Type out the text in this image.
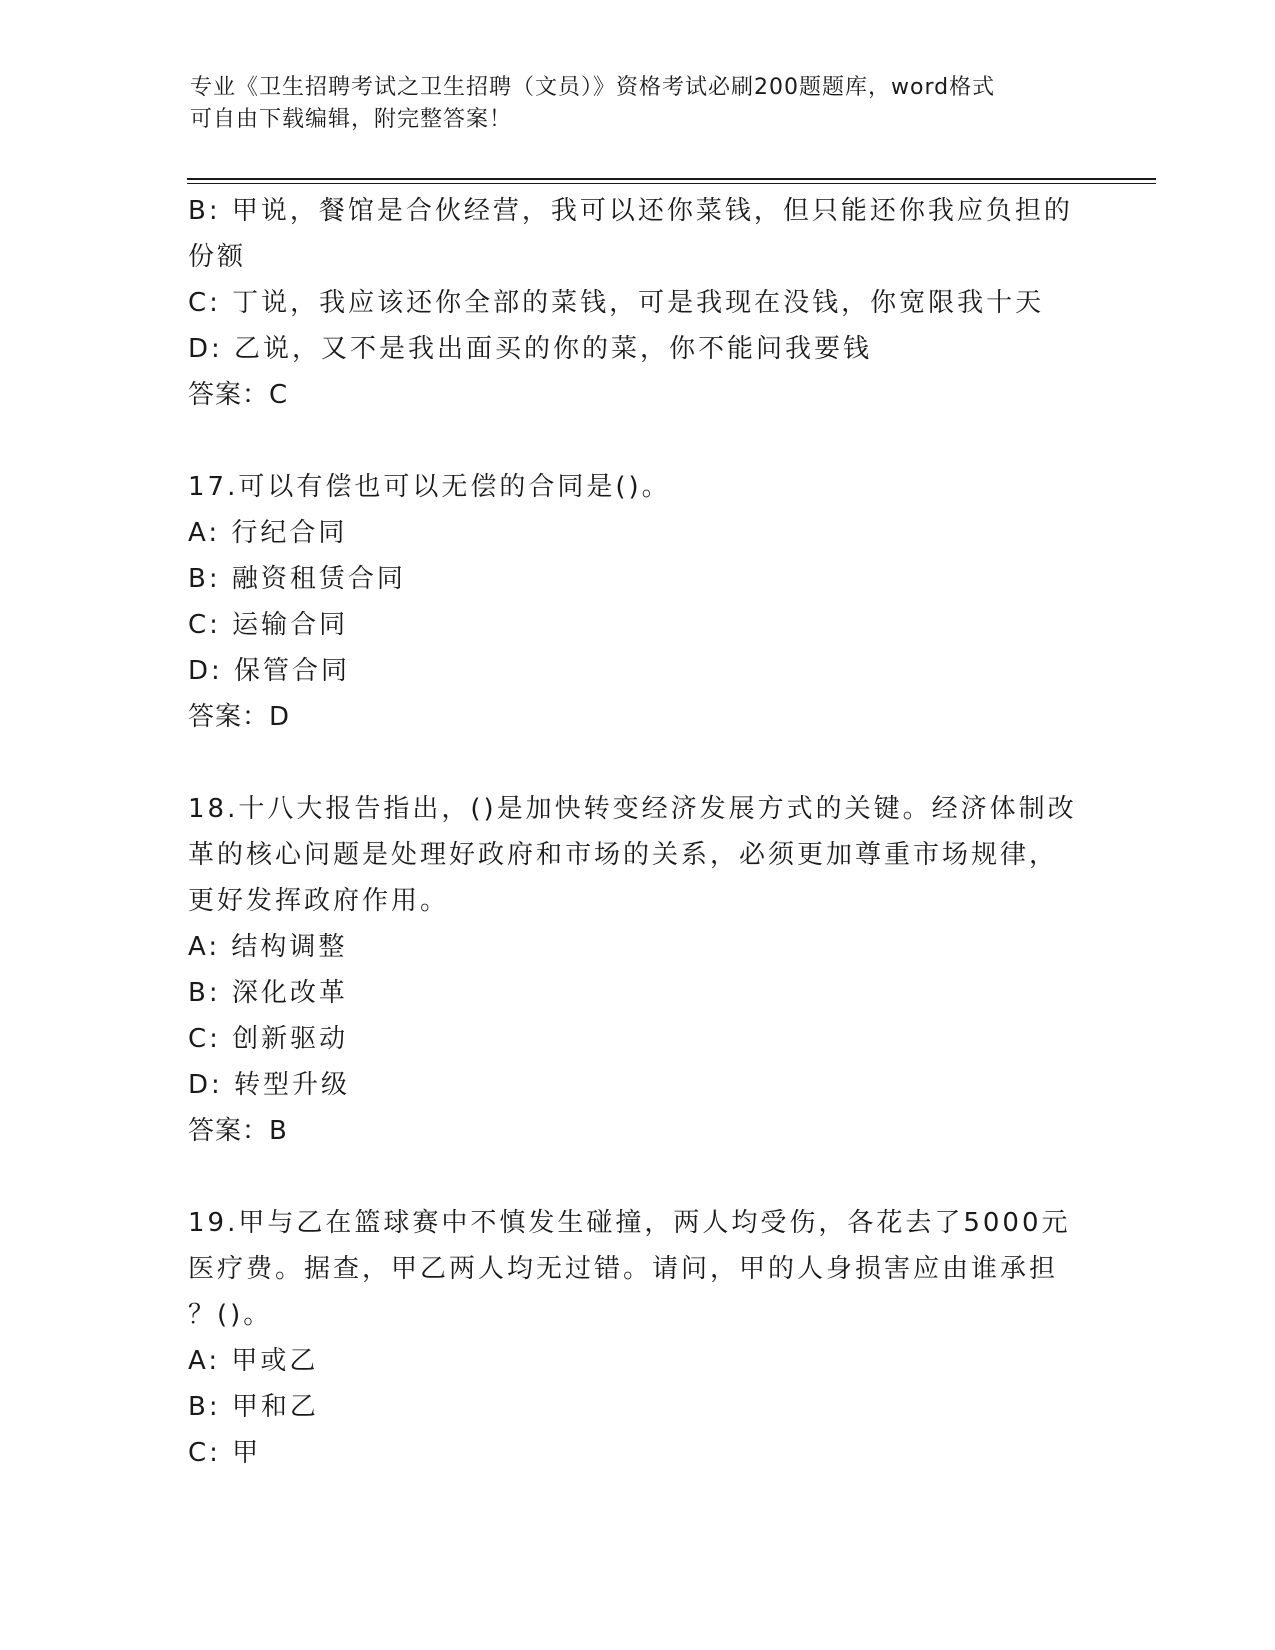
专业《卫生招聘考试之卫生招聘（文员）》资格考试必刷200题题库，word格式
可自由下载编辑，附完整答案！
B: 甲说，餐馆是合伙经营，我可以还你菜钱，但只能还你我应负担的
份额
C: 丁说，我应该还你全部的菜钱，可是我现在没钱，你宽限我十天
D: 乙说，又不是我出面买的你的菜，你不能问我要钱
答案：C
17.可以有偿也可以无偿的合同是()。
A: 行纪合同
B: 融资租赁合同
C: 运输合同
D: 保管合同
答案：D
18.十八大报告指出，()是加快转变经济发展方式的关键。经济体制改
革的核心问题是处理好政府和市场的关系，必须更加尊重市场规律，
更好发挥政府作用。
A: 结构调整
B: 深化改革
C: 创新驱动
D: 转型升级
答案：B
19.甲与乙在篮球赛中不慎发生碰撞，两人均受伤，各花去了5000元
医疗费。据查，甲乙两人均无过错。请问，甲的人身损害应由谁承担
？()。
A: 甲或乙
B: 甲和乙
C: 甲
